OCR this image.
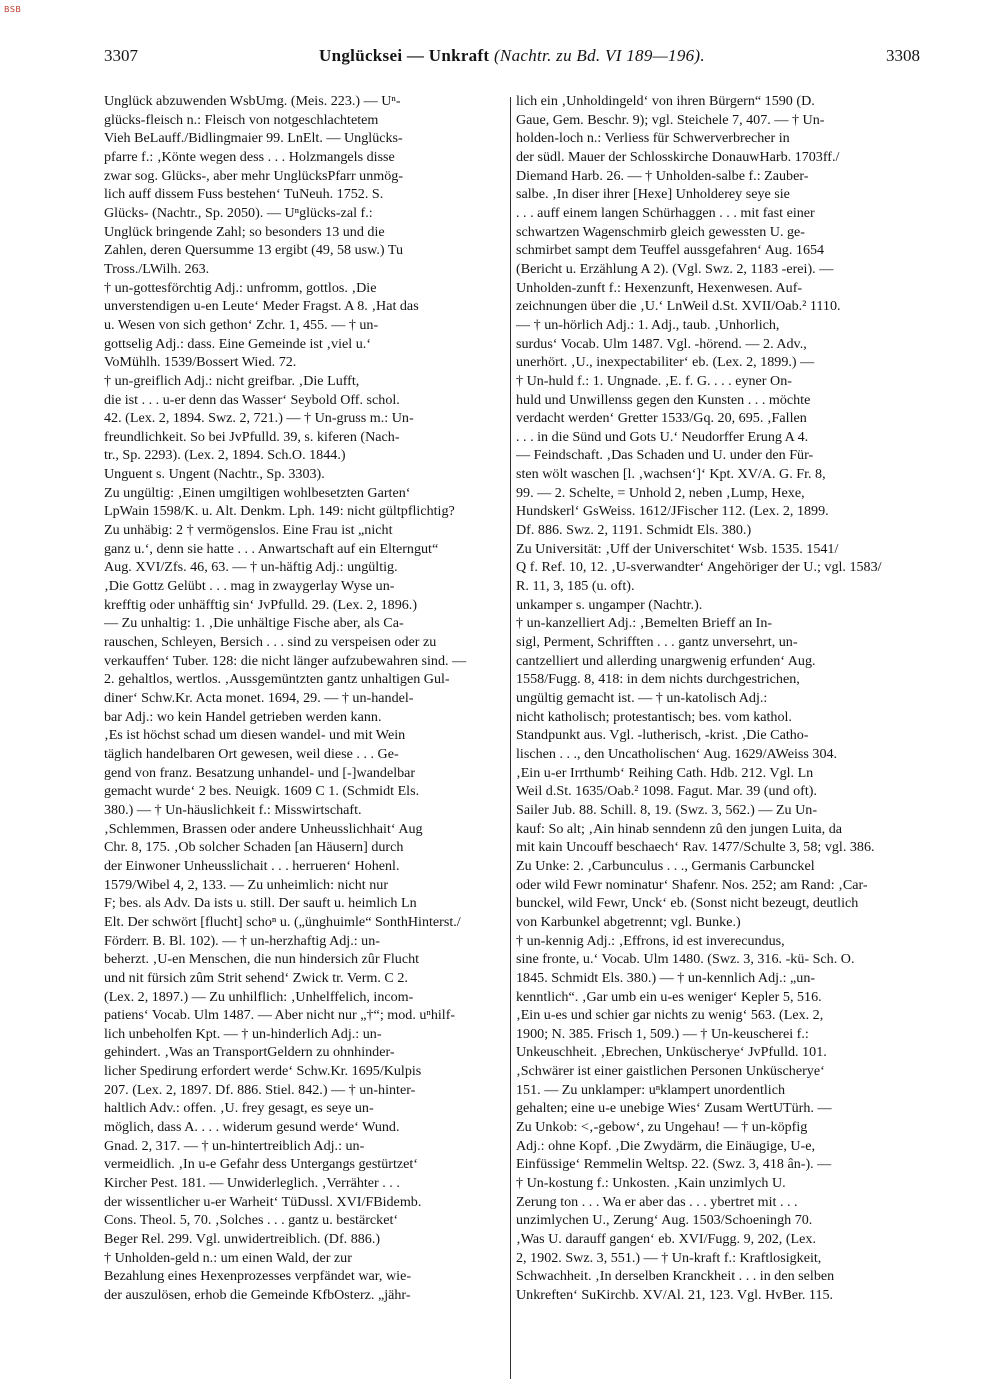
BSB
3307	Unglücksei — Unkraft (Nachtr. zu Bd. VI 189—196).	3308

Unglück abzuwenden WsbUmg. (Meis. 223.) — Uⁿ-

glücks-fleisch n.: Fleisch von notgeschlachtetem

Vieh BeLauff./Bidlingmaier 99. LnElt. — Unglücks-

pfarre f.: ‚Könte wegen dess . . . Holzmangels disse

zwar sog. Glücks-, aber mehr UnglücksPfarr unmög-

lich auff dissem Fuss bestehen‘ TuNeuh. 1752. S.

Glücks- (Nachtr., Sp. 2050). — Uⁿglücks-zal f.:

Unglück bringende Zahl; so besonders 13 und die

Zahlen, deren Quersumme 13 ergibt (49, 58 usw.) Tu

Tross./LWilh. 263.

† un-gottesförchtig Adj.: unfromm, gottlos. ‚Die

unverstendigen u-en Leute‘ Meder Fragst. A 8. ‚Hat das

u. Wesen von sich gethon‘ Zchr. 1, 455. — † un-

gottselig Adj.: dass. Eine Gemeinde ist ‚viel u.‘

VoMühlh. 1539/Bossert Wied. 72.

† un-greiflich Adj.: nicht greifbar. ‚Die Lufft,

die ist . . . u-er denn das Wasser‘ Seybold Off. schol.

42. (Lex. 2, 1894. Swz. 2, 721.) — † Un-gruss m.: Un-

freundlichkeit. So bei JvPfulld. 39, s. kiferen (Nach-

tr., Sp. 2293). (Lex. 2, 1894. Sch.O. 1844.)

Unguent s. Ungent (Nachtr., Sp. 3303).

Zu ungültig: ‚Einen umgiltigen wohlbesetzten Garten‘

LpWain 1598/K. u. Alt. Denkm. Lph. 149: nicht gültpflichtig?

Zu unhäbig: 2 † vermögenslos. Eine Frau ist „nicht

ganz u.‘, denn sie hatte . . . Anwartschaft auf ein Elterngut“

Aug. XVI/Zfs. 46, 63. — † un-häftig Adj.: ungültig.

‚Die Gottz Gelübt . . . mag in zwaygerlay Wyse un-

krefftig oder unhäfftig sin‘ JvPfulld. 29. (Lex. 2, 1896.)

— Zu unhaltig: 1. ‚Die unhältige Fische aber, als Ca-

rauschen, Schleyen, Bersich . . . sind zu verspeisen oder zu

verkauffen‘ Tuber. 128: die nicht länger aufzubewahren sind. —

2. gehaltlos, wertlos. ‚Aussgemüntzten gantz unhaltigen Gul-

diner‘ Schw.Kr. Acta monet. 1694, 29. — † un-handel-

bar Adj.: wo kein Handel getrieben werden kann.

‚Es ist höchst schad um diesen wandel- und mit Wein

täglich handelbaren Ort gewesen, weil diese . . . Ge-

gend von franz. Besatzung unhandel- und [-]wandelbar

gemacht wurde‘ 2 bes. Neuigk. 1609 C 1. (Schmidt Els.

380.) — † Un-häuslichkeit f.: Misswirtschaft.

‚Schlemmen, Brassen oder andere Unheusslichhait‘ Aug

Chr. 8, 175. ‚Ob solcher Schaden [an Häusern] durch

der Einwoner Unheusslichait . . . herrueren‘ Hohenl.

1579/Wibel 4, 2, 133. — Zu unheimlich: nicht nur

F; bes. als Adv. Da ists u. still. Der sauft u. heimlich Ln

Elt. Der schwört [flucht] schoⁿ u. („ünghuimle“ SonthHinterst./

Förderr. B. Bl. 102). — † un-herzhaftig Adj.: un-

beherzt. ‚U-en Menschen, die nun hindersich zûr Flucht

und nit fürsich zûm Strit sehend‘ Zwick tr. Verm. C 2.

(Lex. 2, 1897.) — Zu unhilflich: ‚Unhelffelich, incom-

patiens‘ Vocab. Ulm 1487. — Aber nicht nur „†“; mod. uⁿhilf-

lich unbeholfen Kpt. — † un-hinderlich Adj.: un-

gehindert. ‚Was an TransportGeldern zu ohnhinder-

licher Spedirung erfordert werde‘ Schw.Kr. 1695/Kulpis

207. (Lex. 2, 1897. Df. 886. Stiel. 842.) — † un-hinter-

haltlich Adv.: offen. ‚U. frey gesagt, es seye un-

möglich, dass A. . . . widerum gesund werde‘ Wund.

Gnad. 2, 317. — † un-hintertreiblich Adj.: un-

vermeidlich. ‚In u-e Gefahr dess Untergangs gestürtzet‘

Kircher Pest. 181. — Unwiderleglich. ‚Verrähter . . .

der wissentlicher u-er Warheit‘ TüDussl. XVI/FBidemb.

Cons. Theol. 5, 70. ‚Solches . . . gantz u. bestärcket‘

Beger Rel. 299. Vgl. unwidertreiblich. (Df. 886.)

† Unholden-geld n.: um einen Wald, der zur

Bezahlung eines Hexenprozesses verpfändet war, wie-

der auszulösen, erhob die Gemeinde KfbOsterz. „jähr-

lich ein ‚Unholdingeld‘ von ihren Bürgern“ 1590 (D.

Gaue, Gem. Beschr. 9); vgl. Steichele 7, 407. — † Un-

holden-loch n.: Verliess für Schwerverbrecher in

der südl. Mauer der Schlosskirche DonauwHarb. 1703ff./

Diemand Harb. 26. — † Unholden-salbe f.: Zauber-

salbe. ‚In diser ihrer [Hexe] Unholderey seye sie

. . . auff einem langen Schürhaggen . . . mit fast einer

schwartzen Wagenschmirb gleich gewessten U. ge-

schmirbet sampt dem Teuffel aussgefahren‘ Aug. 1654

(Bericht u. Erzählung A 2). (Vgl. Swz. 2, 1183 -erei). —

Unholden-zunft f.: Hexenzunft, Hexenwesen. Auf-

zeichnungen über die ‚U.‘ LnWeil d.St. XVII/Oab.² 1110.

— † un-hörlich Adj.: 1. Adj., taub. ‚Unhorlich,

surdus‘ Vocab. Ulm 1487. Vgl. -hörend. — 2. Adv.,

unerhört. ‚U., inexpectabiliter‘ eb. (Lex. 2, 1899.) —

† Un-huld f.: 1. Ungnade. ‚E. f. G. . . . eyner On-

huld und Unwillenss gegen den Kunsten . . . möchte

verdacht werden‘ Gretter 1533/Gq. 20, 695. ‚Fallen

. . . in die Sünd und Gots U.‘ Neudorffer Erung A 4.

— Feindschaft. ‚Das Schaden und U. under den Für-

sten wölt waschen [l. ‚wachsen‘]‘ Kpt. XV/A. G. Fr. 8,

99. — 2. Schelte, = Unhold 2, neben ‚Lump, Hexe,

Hundskerl‘ GsWeiss. 1612/JFischer 112. (Lex. 2, 1899.

Df. 886. Swz. 2, 1191. Schmidt Els. 380.)

Zu Universität: ‚Uff der Universchitet‘ Wsb. 1535. 1541/

Q f. Ref. 10, 12. ‚U-sverwandter‘ Angehöriger der U.; vgl. 1583/

R. 11, 3, 185 (u. oft).

unkamper s. ungamper (Nachtr.).

† un-kanzelliert Adj.: ‚Bemelten Brieff an In-

sigl, Perment, Schrifften . . . gantz unversehrt, un-

cantzelliert und allerding unargwenig erfunden‘ Aug.

1558/Fugg. 8, 418: in dem nichts durchgestrichen,

ungültig gemacht ist. — † un-katolisch Adj.:

nicht katholisch; protestantisch; bes. vom kathol.

Standpunkt aus. Vgl. -lutherisch, -krist. ‚Die Catho-

lischen . . ., den Uncatholischen‘ Aug. 1629/AWeiss 304.

‚Ein u-er Irrthumb‘ Reihing Cath. Hdb. 212. Vgl. Ln

Weil d.St. 1635/Oab.² 1098. Fagut. Mar. 39 (und oft).

Sailer Jub. 88. Schill. 8, 19. (Swz. 3, 562.) — Zu Un-

kauf: So alt; ‚Ain hinab senndenn zû den jungen Luita, da

mit kain Uncouff beschaech‘ Rav. 1477/Schulte 3, 58; vgl. 386.

Zu Unke: 2. ‚Carbunculus . . ., Germanis Carbunckel

oder wild Fewr nominatur‘ Shafenr. Nos. 252; am Rand: ‚Car-

bunckel, wild Fewr, Unck‘ eb. (Sonst nicht bezeugt, deutlich

von Karbunkel abgetrennt; vgl. Bunke.)

† un-kennig Adj.: ‚Effrons, id est inverecundus,

sine fronte, u.‘ Vocab. Ulm 1480. (Swz. 3, 316. -kü- Sch. O.

1845. Schmidt Els. 380.) — † un-kennlich Adj.: „un-

kenntlich“. ‚Gar umb ein u-es weniger‘ Kepler 5, 516.

‚Ein u-es und schier gar nichts zu wenig‘ 563. (Lex. 2,

1900; N. 385. Frisch 1, 509.) — † Un-keuscherei f.:

Unkeuschheit. ‚Ebrechen, Unküscherye‘ JvPfulld. 101.

‚Schwärer ist einer gaistlichen Personen Unküscherye‘

151. — Zu unklamper: uⁿklampert unordentlich

gehalten; eine u-e unebige Wies‘ Zusam WertUTürh. —

Zu Unkob: <‚-gebow‘, zu Ungehau! — † un-köpfig

Adj.: ohne Kopf. ‚Die Zwydärm, die Einäugige, U-e,

Einfüssige‘ Remmelin Weltsp. 22. (Swz. 3, 418 ân-). —

† Un-kostung f.: Unkosten. ‚Kain unzimlych U.

Zerung ton . . . Wa er aber das . . . ybertret mit . . .

unzimlychen U., Zerung‘ Aug. 1503/Schoeningh 70.

‚Was U. darauff gangen‘ eb. XVI/Fugg. 9, 202, (Lex.

2, 1902. Swz. 3, 551.) — † Un-kraft f.: Kraftlosigkeit,

Schwachheit. ‚In derselben Kranckheit . . . in den selben

Unkreften‘ SuKirchb. XV/Al. 21, 123. Vgl. HvBer. 115.
